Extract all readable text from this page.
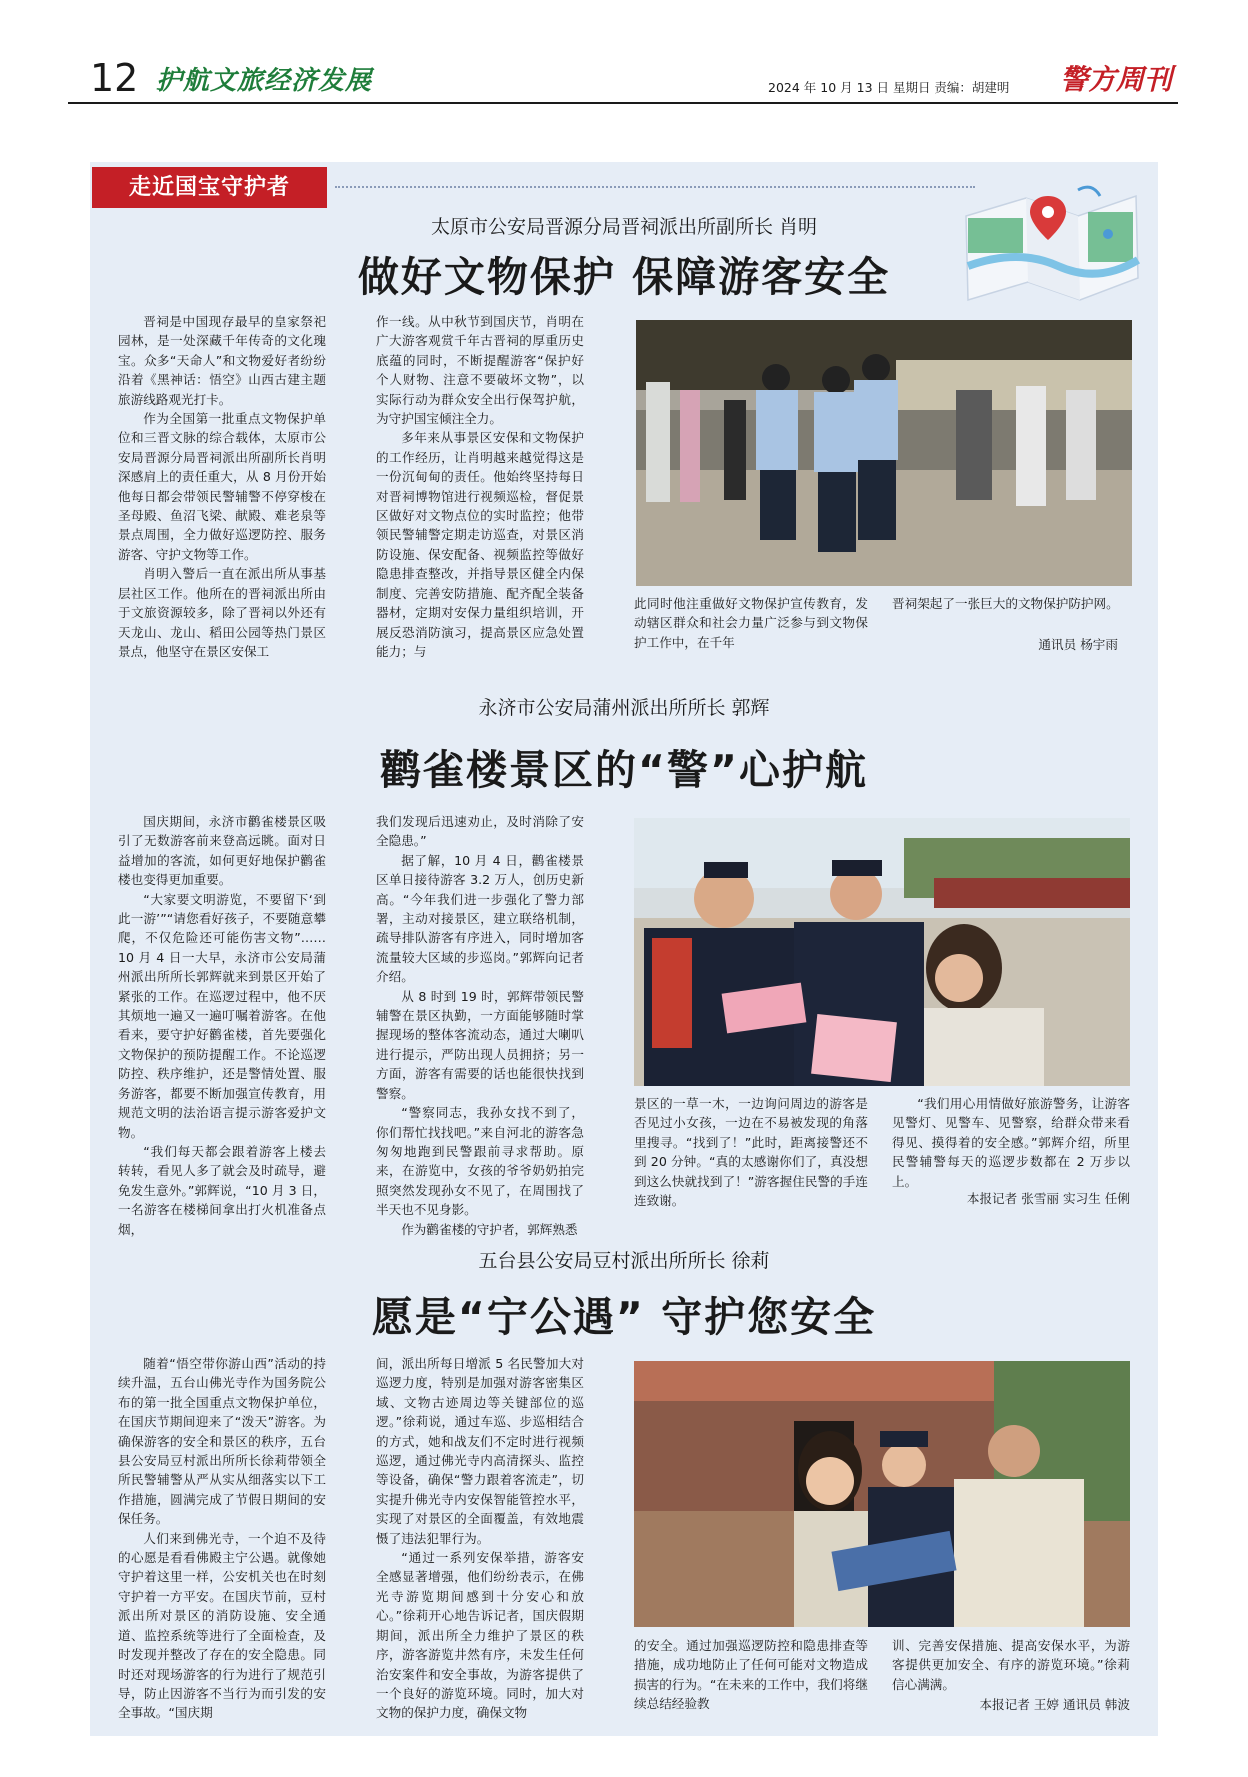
12 护航文旅经济发展	2024 年 10 月 13 日 星期日 责编：胡建明 警方周刊
走近国宝守护者
太原市公安局晋源分局晋祠派出所副所长 肖明
做好文物保护 保障游客安全

晋祠是中国现存最早的皇家祭祀园林，是一处深藏千年传奇的文化瑰宝。众多“天命人”和文物爱好者纷纷沿着《黑神话：悟空》山西古建主题旅游线路观光打卡。

作为全国第一批重点文物保护单位和三晋文脉的综合载体，太原市公安局晋源分局晋祠派出所副所长肖明深感肩上的责任重大，从 8 月份开始他每日都会带领民警辅警不停穿梭在圣母殿、鱼沼飞梁、献殿、难老泉等景点周围，全力做好巡逻防控、服务游客、守护文物等工作。

肖明入警后一直在派出所从事基层社区工作。他所在的晋祠派出所由于文旅资源较多，除了晋祠以外还有天龙山、龙山、稻田公园等热门景区景点，他坚守在景区安保工

作一线。从中秋节到国庆节，肖明在广大游客观赏千年古晋祠的厚重历史底蕴的同时，不断提醒游客“保护好个人财物、注意不要破坏文物”，以实际行动为群众安全出行保驾护航，为守护国宝倾注全力。

多年来从事景区安保和文物保护的工作经历，让肖明越来越觉得这是一份沉甸甸的责任。他始终坚持每日对晋祠博物馆进行视频巡检，督促景区做好对文物点位的实时监控；他带领民警辅警定期走访巡查，对景区消防设施、保安配备、视频监控等做好隐患排查整改，并指导景区健全内保制度、完善安防措施、配齐配全装备器材，定期对安保力量组织培训，开展反恐消防演习，提高景区应急处置能力；与

此同时他注重做好文物保护宣传教育，发动辖区群众和社会力量广泛参与到文物保护工作中，在千年

晋祠架起了一张巨大的文物保护防护网。

通讯员 杨宇雨
永济市公安局蒲州派出所所长 郭辉
鹳雀楼景区的“警”心护航

国庆期间，永济市鹳雀楼景区吸引了无数游客前来登高远眺。面对日益增加的客流，如何更好地保护鹳雀楼也变得更加重要。

“大家要文明游览，不要留下‘到此一游’”“请您看好孩子，不要随意攀爬，不仅危险还可能伤害文物”……10 月 4 日一大早，永济市公安局蒲州派出所所长郭辉就来到景区开始了紧张的工作。在巡逻过程中，他不厌其烦地一遍又一遍叮嘱着游客。在他看来，要守护好鹳雀楼，首先要强化文物保护的预防提醒工作。不论巡逻防控、秩序维护，还是警情处置、服务游客，都要不断加强宣传教育，用规范文明的法治语言提示游客爱护文物。

“我们每天都会跟着游客上楼去转转，看见人多了就会及时疏导，避免发生意外。”郭辉说，“10 月 3 日，一名游客在楼梯间拿出打火机准备点烟，

我们发现后迅速劝止，及时消除了安全隐患。”

据了解，10 月 4 日，鹳雀楼景区单日接待游客 3.2 万人，创历史新高。“今年我们进一步强化了警力部署，主动对接景区，建立联络机制，疏导排队游客有序进入，同时增加客流量较大区域的步巡岗。”郭辉向记者介绍。

从 8 时到 19 时，郭辉带领民警辅警在景区执勤，一方面能够随时掌握现场的整体客流动态，通过大喇叭进行提示，严防出现人员拥挤；另一方面，游客有需要的话也能很快找到警察。

“警察同志，我孙女找不到了，你们帮忙找找吧。”来自河北的游客急匆匆地跑到民警跟前寻求帮助。原来，在游览中，女孩的爷爷奶奶拍完照突然发现孙女不见了，在周围找了半天也不见身影。

作为鹳雀楼的守护者，郭辉熟悉

景区的一草一木，一边询问周边的游客是否见过小女孩，一边在不易被发现的角落里搜寻。“找到了！”此时，距离接警还不到 20 分钟。“真的太感谢你们了，真没想到这么快就找到了！”游客握住民警的手连连致谢。

“我们用心用情做好旅游警务，让游客见警灯、见警车、见警察，给群众带来看得见、摸得着的安全感。”郭辉介绍，所里民警辅警每天的巡逻步数都在 2 万步以上。

本报记者 张雪丽 实习生 任俐
五台县公安局豆村派出所所长 徐莉
愿是“宁公遇” 守护您安全

随着“悟空带你游山西”活动的持续升温，五台山佛光寺作为国务院公布的第一批全国重点文物保护单位，在国庆节期间迎来了“泼天”游客。为确保游客的安全和景区的秩序，五台县公安局豆村派出所所长徐莉带领全所民警辅警从严从实从细落实以下工作措施，圆满完成了节假日期间的安保任务。

人们来到佛光寺，一个迫不及待的心愿是看看佛殿主宁公遇。就像她守护着这里一样，公安机关也在时刻守护着一方平安。在国庆节前，豆村派出所对景区的消防设施、安全通道、监控系统等进行了全面检查，及时发现并整改了存在的安全隐患。同时还对现场游客的行为进行了规范引导，防止因游客不当行为而引发的安全事故。“国庆期

间，派出所每日增派 5 名民警加大对巡逻力度，特别是加强对游客密集区域、文物古迹周边等关键部位的巡逻。”徐莉说，通过车巡、步巡相结合的方式，她和战友们不定时进行视频巡逻，通过佛光寺内高清探头、监控等设备，确保“警力跟着客流走”，切实提升佛光寺内安保智能管控水平，实现了对景区的全面覆盖，有效地震慑了违法犯罪行为。

“通过一系列安保举措，游客安全感显著增强，他们纷纷表示，在佛光寺游览期间感到十分安心和放心。”徐莉开心地告诉记者，国庆假期期间，派出所全力维护了景区的秩序，游客游览井然有序，未发生任何治安案件和安全事故，为游客提供了一个良好的游览环境。同时，加大对文物的保护力度，确保文物

的安全。通过加强巡逻防控和隐患排查等措施，成功地防止了任何可能对文物造成损害的行为。“在未来的工作中，我们将继续总结经验教

训、完善安保措施、提高安保水平，为游客提供更加安全、有序的游览环境。”徐莉信心满满。

本报记者 王婷 通讯员 韩波
